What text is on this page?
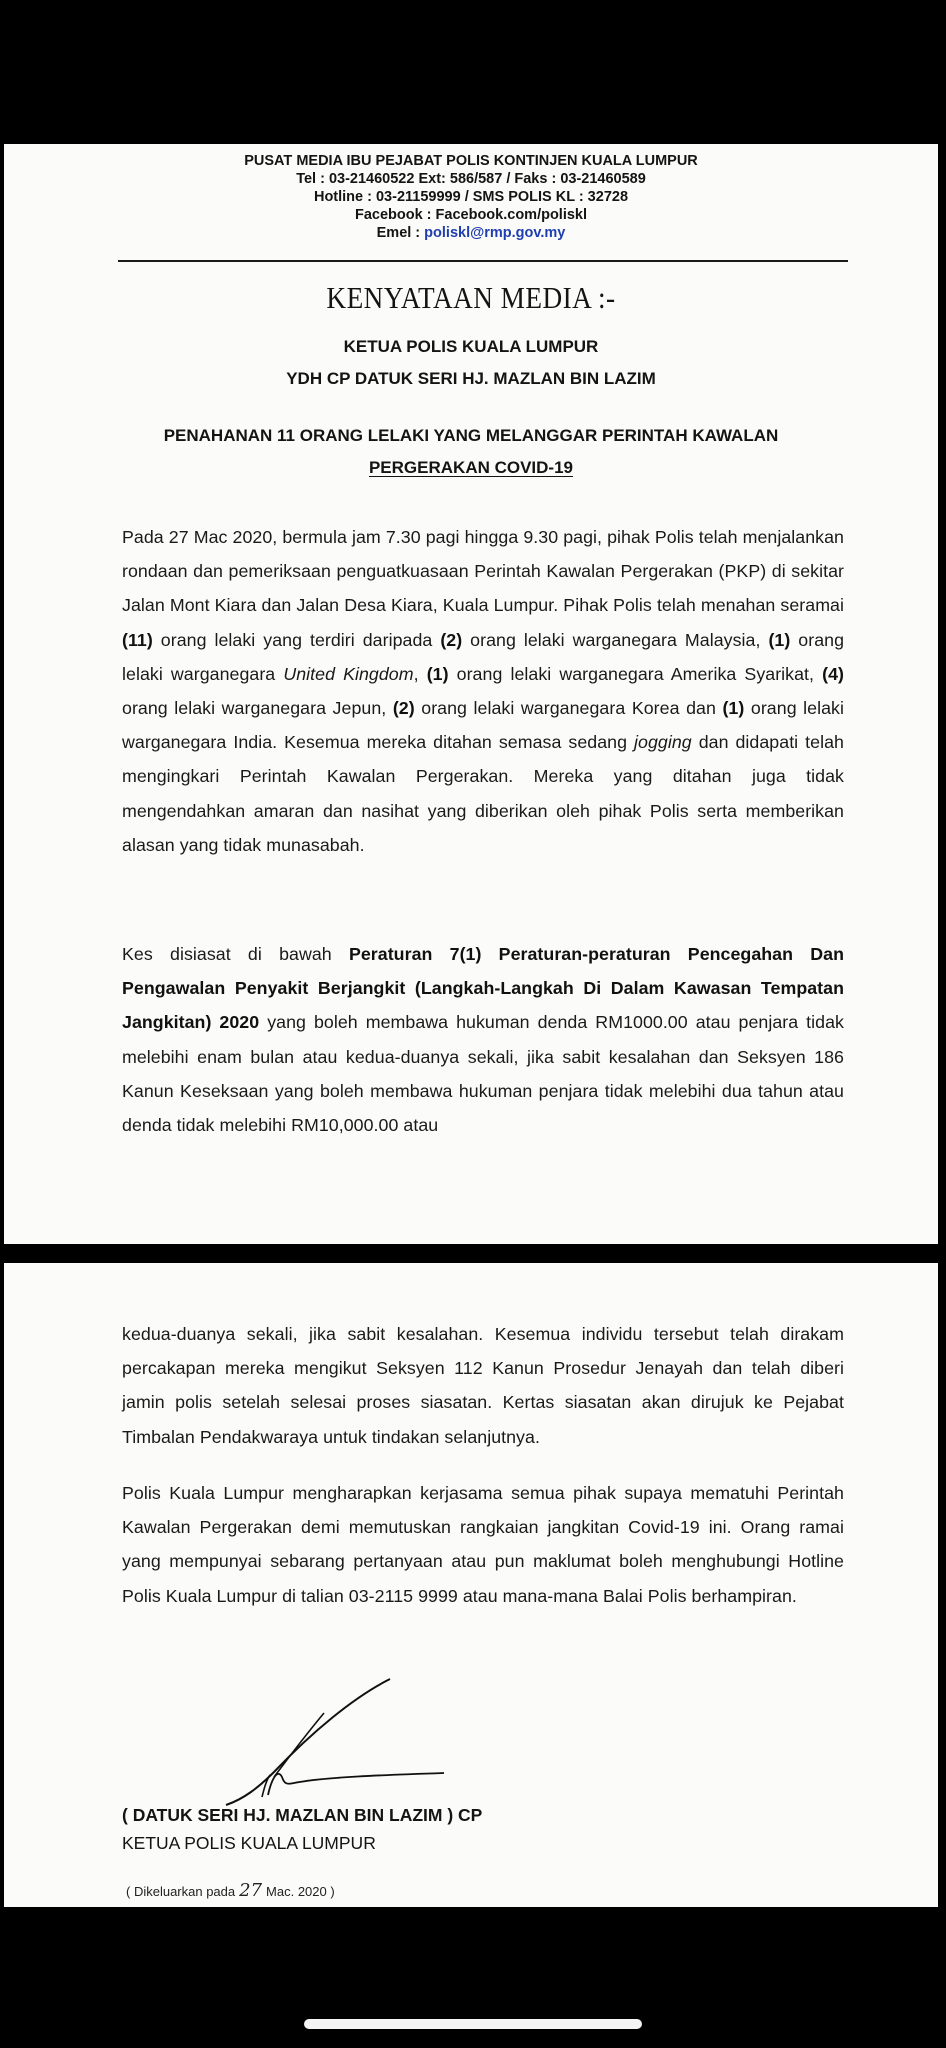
PUSAT MEDIA IBU PEJABAT POLIS KONTINJEN KUALA LUMPUR
Tel : 03-21460522 Ext: 586/587 / Faks : 03-21460589
Hotline : 03-21159999 / SMS POLIS KL : 32728
Facebook : Facebook.com/poliskl
Emel : poliskl@rmp.gov.my
KENYATAAN MEDIA :-
KETUA POLIS KUALA LUMPUR
YDH CP DATUK SERI HJ. MAZLAN BIN LAZIM
PENAHANAN 11 ORANG LELAKI YANG MELANGGAR PERINTAH KAWALAN
PERGERAKAN COVID-19
Pada 27 Mac 2020, bermula jam 7.30 pagi hingga 9.30 pagi, pihak Polis telah menjalankan rondaan dan pemeriksaan penguatkuasaan Perintah Kawalan Pergerakan (PKP) di sekitar Jalan Mont Kiara dan Jalan Desa Kiara, Kuala Lumpur. Pihak Polis telah menahan seramai (11) orang lelaki yang terdiri daripada (2) orang lelaki warganegara Malaysia, (1) orang lelaki warganegara United Kingdom, (1) orang lelaki warganegara Amerika Syarikat, (4) orang lelaki warganegara Jepun, (2) orang lelaki warganegara Korea dan (1) orang lelaki warganegara India. Kesemua mereka ditahan semasa sedang jogging dan didapati telah mengingkari Perintah Kawalan Pergerakan. Mereka yang ditahan juga tidak mengendahkan amaran dan nasihat yang diberikan oleh pihak Polis serta memberikan alasan yang tidak munasabah.
Kes disiasat di bawah Peraturan 7(1) Peraturan-peraturan Pencegahan Dan Pengawalan Penyakit Berjangkit (Langkah-Langkah Di Dalam Kawasan Tempatan Jangkitan) 2020 yang boleh membawa hukuman denda RM1000.00 atau penjara tidak melebihi enam bulan atau kedua-duanya sekali, jika sabit kesalahan dan Seksyen 186 Kanun Keseksaan yang boleh membawa hukuman penjara tidak melebihi dua tahun atau denda tidak melebihi RM10,000.00 atau
kedua-duanya sekali, jika sabit kesalahan. Kesemua individu tersebut telah dirakam percakapan mereka mengikut Seksyen 112 Kanun Prosedur Jenayah dan telah diberi jamin polis setelah selesai proses siasatan. Kertas siasatan akan dirujuk ke Pejabat Timbalan Pendakwaraya untuk tindakan selanjutnya.
Polis Kuala Lumpur mengharapkan kerjasama semua pihak supaya mematuhi Perintah Kawalan Pergerakan demi memutuskan rangkaian jangkitan Covid-19 ini. Orang ramai yang mempunyai sebarang pertanyaan atau pun maklumat boleh menghubungi Hotline Polis Kuala Lumpur di talian 03-2115 9999 atau mana-mana Balai Polis berhampiran.
( DATUK SERI HJ. MAZLAN BIN LAZIM ) CP
KETUA POLIS KUALA LUMPUR
( Dikeluarkan pada 27 Mac. 2020 )
